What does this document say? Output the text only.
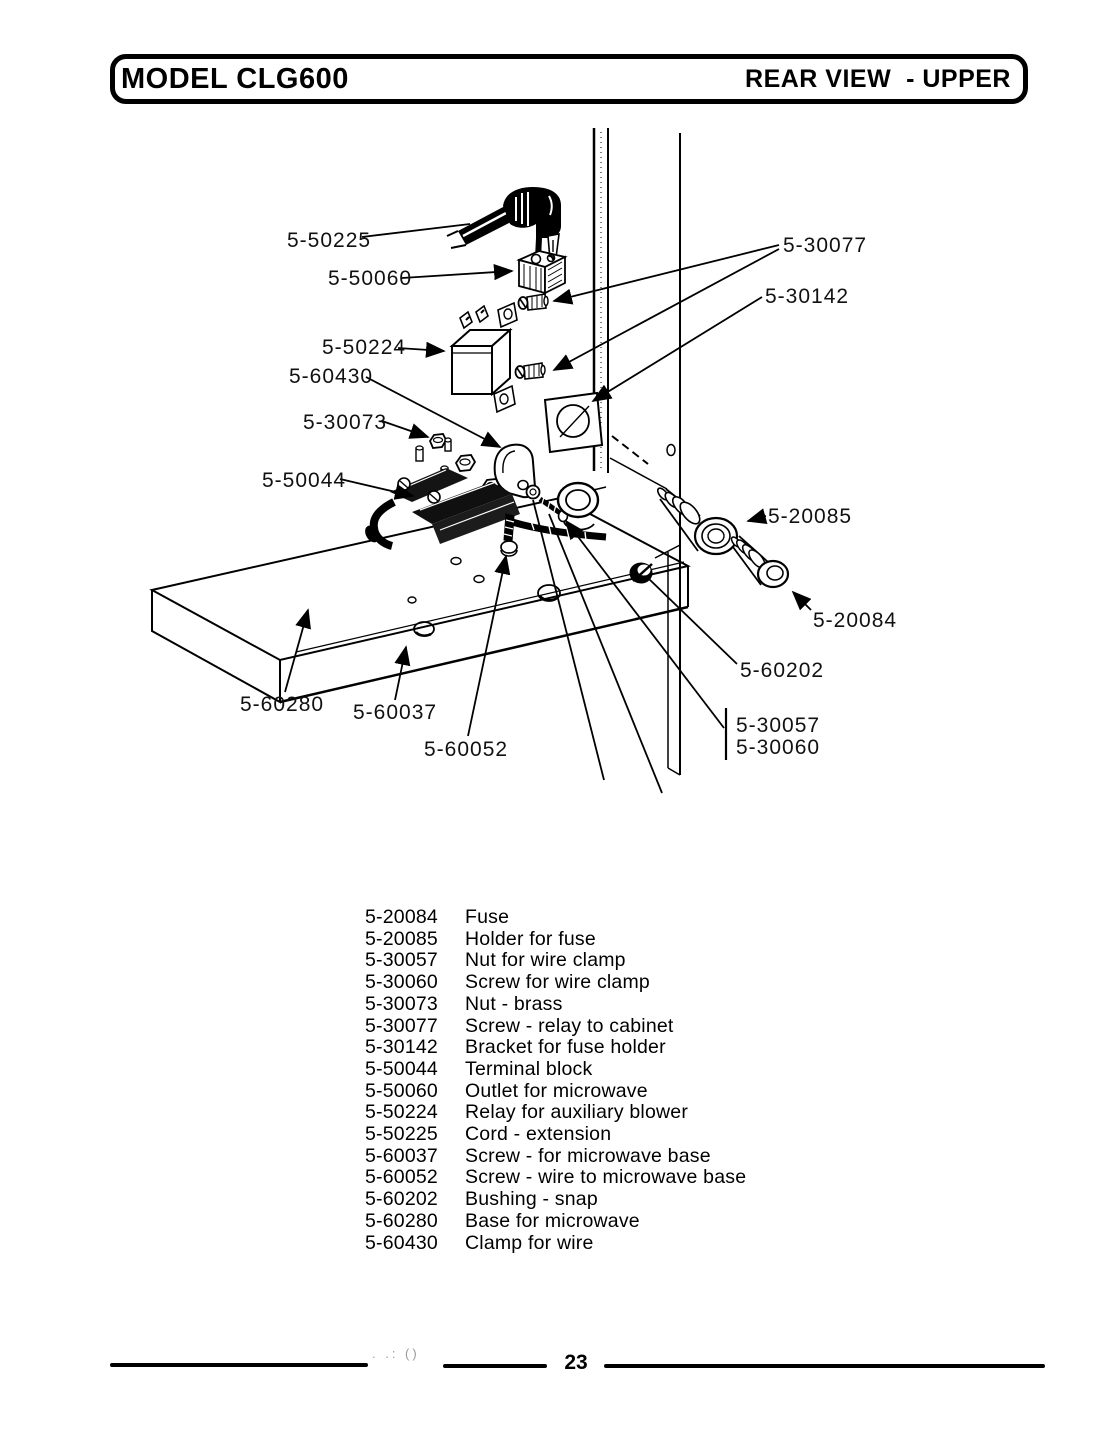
MODEL CLG600	REAR VIEW  - UPPER
5-50225
5-50060
5-50224
5-60430
5-30073
5-50044
5-30077
5-30142
5-20085
5-20084
5-60202
5-30057
5-30060
5-60280 5-60037
5-60052
5-20084 Fuse
5-20085 Holder for fuse
5-30057 Nut for wire clamp
5-30060 Screw for wire clamp
5-30073 Nut - brass
5-30077 Screw - relay to cabinet
5-30142 Bracket for fuse holder
5-50044 Terminal block
5-50060 Outlet for microwave
5-50224 Relay for auxiliary blower
5-50225 Cord - extension
5-60037 Screw - for microwave base
5-60052 Screw - wire to microwave base
5-60202 Bushing - snap
5-60280 Base for microwave
5-60430 Clamp for wire
. .: ()	23
